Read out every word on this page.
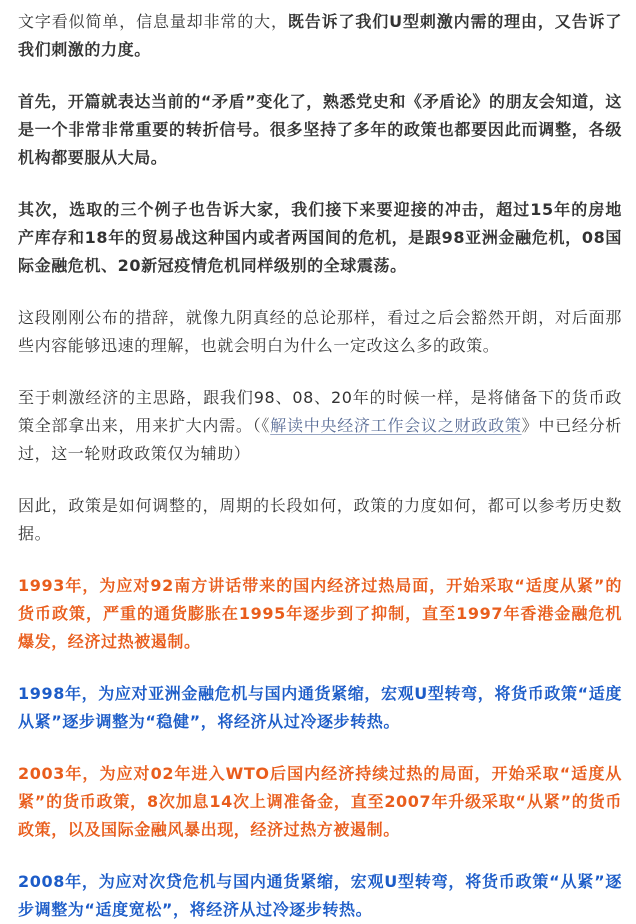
文字看似简单，信息量却非常的大，既告诉了我们U型刺激内需的理由，又告诉了我们刺激的力度。

首先，开篇就表达当前的“矛盾”变化了，熟悉党史和《矛盾论》的朋友会知道，这是一个非常非常重要的转折信号。很多坚持了多年的政策也都要因此而调整，各级机构都要服从大局。

其次，选取的三个例子也告诉大家，我们接下来要迎接的冲击，超过15年的房地产库存和18年的贸易战这种国内或者两国间的危机，是跟98亚洲金融危机，08国际金融危机、20新冠疫情危机同样级别的全球震荡。

这段刚刚公布的措辞，就像九阴真经的总论那样，看过之后会豁然开朗，对后面那些内容能够迅速的理解，也就会明白为什么一定改这么多的政策。

至于刺激经济的主思路，跟我们98、08、20年的时候一样，是将储备下的货币政策全部拿出来，用来扩大内需。（《解读中央经济工作会议之财政政策》中已经分析过，这一轮财政政策仅为辅助）

因此，政策是如何调整的，周期的长段如何，政策的力度如何，都可以参考历史数据。

1993年，为应对92南方讲话带来的国内经济过热局面，开始采取“适度从紧”的货币政策，严重的通货膨胀在1995年逐步到了抑制，直至1997年香港金融危机爆发，经济过热被遏制。

1998年，为应对亚洲金融危机与国内通货紧缩，宏观U型转弯，将货币政策“适度从紧”逐步调整为“稳健”，将经济从过冷逐步转热。

2003年，为应对02年进入WTO后国内经济持续过热的局面，开始采取“适度从紧”的货币政策，8次加息14次上调准备金，直至2007年升级采取“从紧”的货币政策，以及国际金融风暴出现，经济过热方被遏制。

2008年，为应对次贷危机与国内通货紧缩，宏观U型转弯，将货币政策“从紧”逐步调整为“适度宽松”，将经济从过冷逐步转热。
